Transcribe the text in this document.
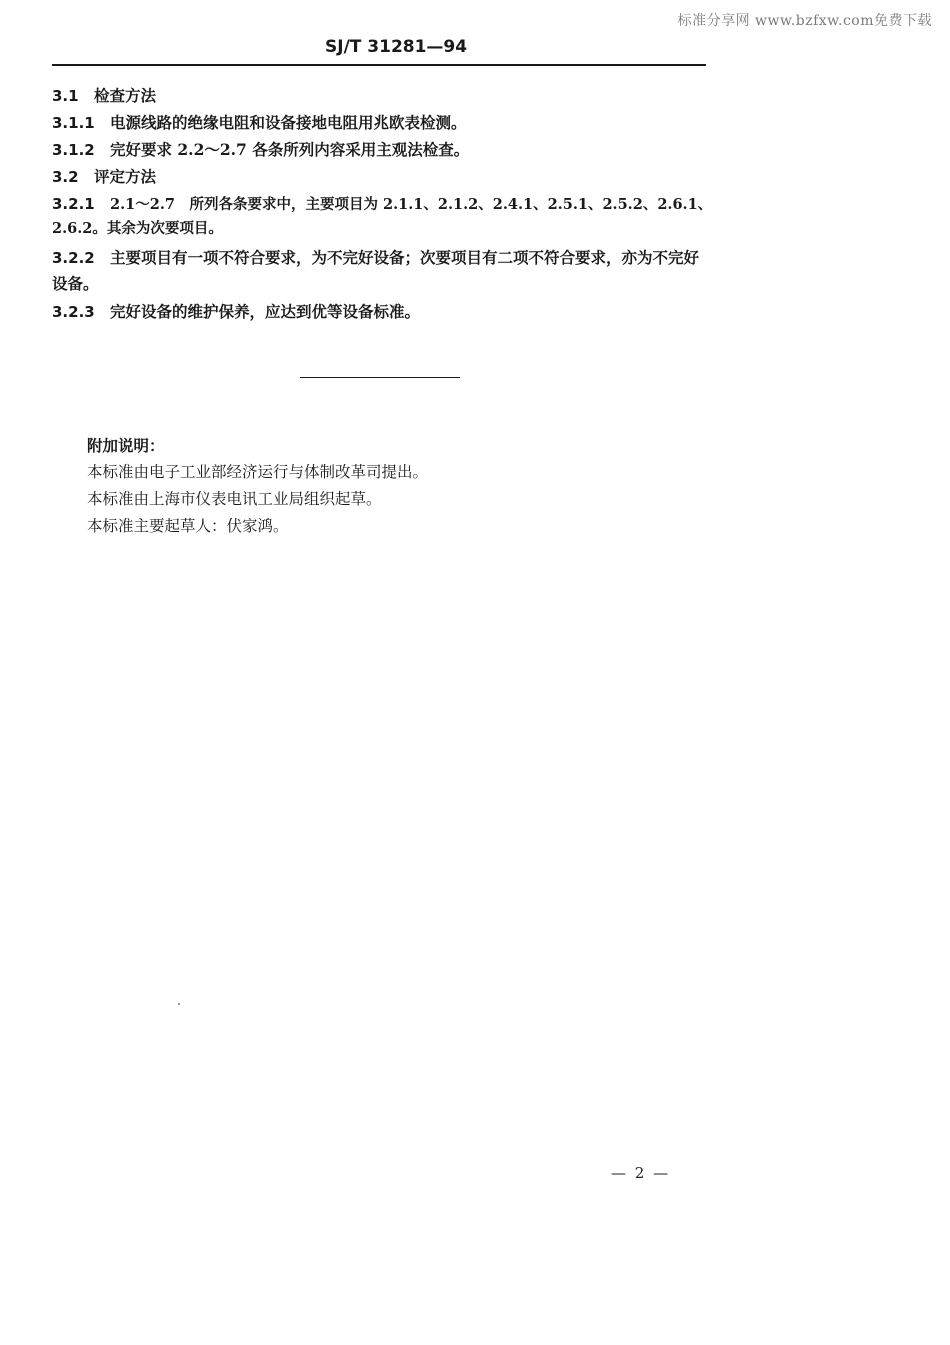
标准分享网 www.bzfxw.com免费下载
SJ/T 31281—94
3.1 检查方法
3.1.1 电源线路的绝缘电阻和设备接地电阻用兆欧表检测。
3.1.2 完好要求 2.2～2.7 各条所列内容采用主观法检查。
3.2 评定方法
3.2.1 2.1～2.7　所列各条要求中，主要项目为 2.1.1、2.1.2、2.4.1、2.5.1、2.5.2、2.6.1、
2.6.2。其余为次要项目。
3.2.2 主要项目有一项不符合要求，为不完好设备；次要项目有二项不符合要求，亦为不完好
设备。
3.2.3 完好设备的维护保养，应达到优等设备标准。
附加说明：
本标准由电子工业部经济运行与体制改革司提出。
本标准由上海市仪表电讯工业局组织起草。
本标准主要起草人：伏家鸿。
— 2 —
